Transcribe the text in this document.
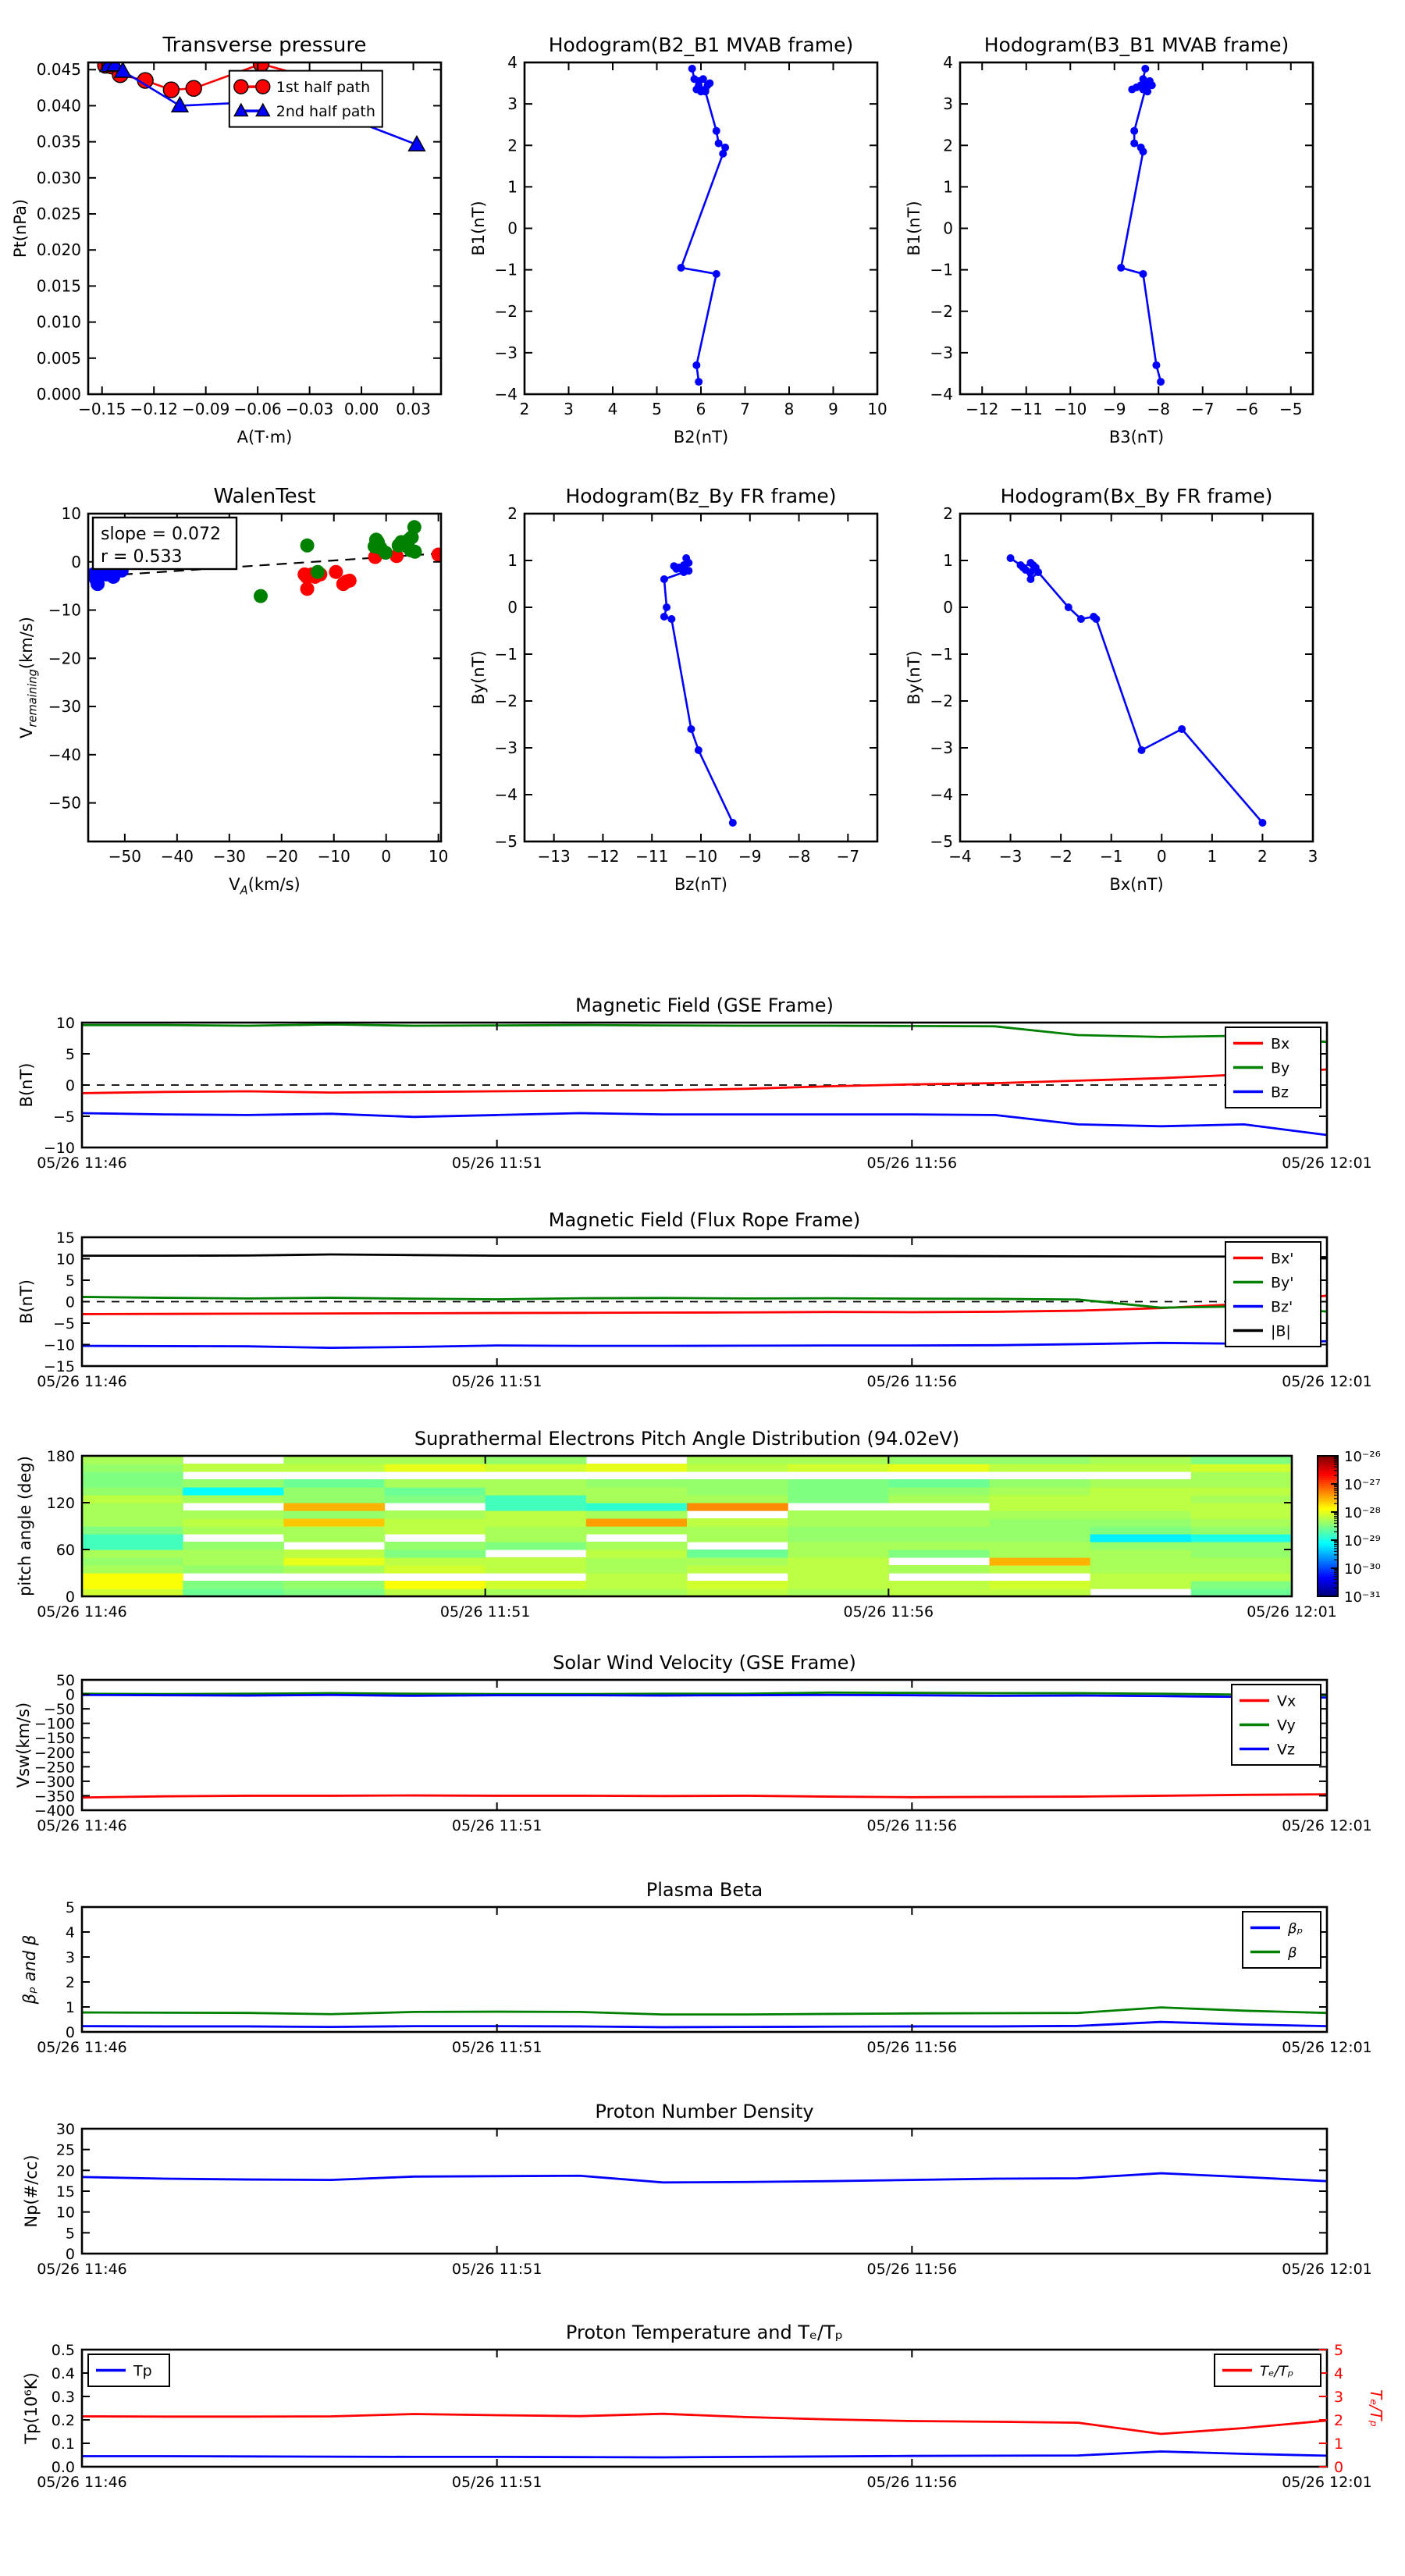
−0.15 −0.12 −0.09 −0.06 −0.03 0.00 0.03
0.000
0.005
0.010
0.015
0.020
0.025
0.030
0.035
0.040
0.045
Transverse pressure
A(T·m)
Pt(nPa)
1st half path
2nd half path
2 3 4 5 6 7 8 9 10
−4
−3
−2
−1
0
1
2
3
4
Hodogram(B2_B1 MVAB frame)
B2(nT)
B1(nT)
−12 −11 −10 −9 −8 −7 −6 −5
−4
−3
−2
−1
0
1
2
3
4
Hodogram(B3_B1 MVAB frame)
B3(nT)
B1(nT)
−50 −40 −30 −20 −10 0 10
−50
−40
−30
−20
−10
0
10
WalenTest
$V_A(km/s)$
$V_{remaining}(km/s)$
slope = 0.072
r = 0.533
−13 −12 −11 −10 −9 −8 −7
−5
−4
−3
−2
−1
0
1
2
Hodogram(Bz_By FR frame)
Bz(nT)
By(nT)
−4 −3 −2 −1 0	1	2	3
−5
−4
−3
−2
−1
0
1
2
Hodogram(Bx_By FR frame)
Bx(nT)
By(nT)
05/26 11:46	05/26 11:51	05/26 11:56	05/26 12:01
−10
−5
0
5
10
Magnetic Field (GSE Frame)
B(nT)
Bx
By
Bz
05/26 11:46	05/26 11:51	05/26 11:56	05/26 12:01
−15
−10
−5
0
5
10
15
Magnetic Field (Flux Rope Frame)
B(nT)
Bx'
By'
Bz'
|B|
05/26 11:46	05/26 11:51	05/26 11:56	05/26 12:01
0
60
120
180
Suprathermal Electrons Pitch Angle Distribution (94.02eV)
pitch angle (deg)	10⁻²⁶
10⁻²⁷
10⁻²⁸
10⁻²⁹
10⁻³⁰
10⁻³¹
05/26 11:46	05/26 11:51	05/26 11:56	05/26 12:01
50
0
−50
−100
−150
−200
−250
−300
−350
−400
Solar Wind Velocity (GSE Frame)
Vsw(km/s)
Vx
Vy
Vz
05/26 11:46	05/26 11:51	05/26 11:56	05/26 12:01
0
1
2
3
4
5
Plasma Beta
βₚ and β
βₚ
β
05/26 11:46	05/26 11:51	05/26 11:56	05/26 12:01
0
5
10
15
20
25
30
Proton Number Density
Np(#/cc)
05/26 11:46	05/26 11:51	05/26 11:56	05/26 12:01
0.0
0.1
0.2
0.3
0.4
0.5
0
1
2
3
4
5
Proton Temperature and Tₑ/Tₚ
Tp(10⁶K)	Tₑ/Tₚ
Tp	Tₑ/Tₚ
